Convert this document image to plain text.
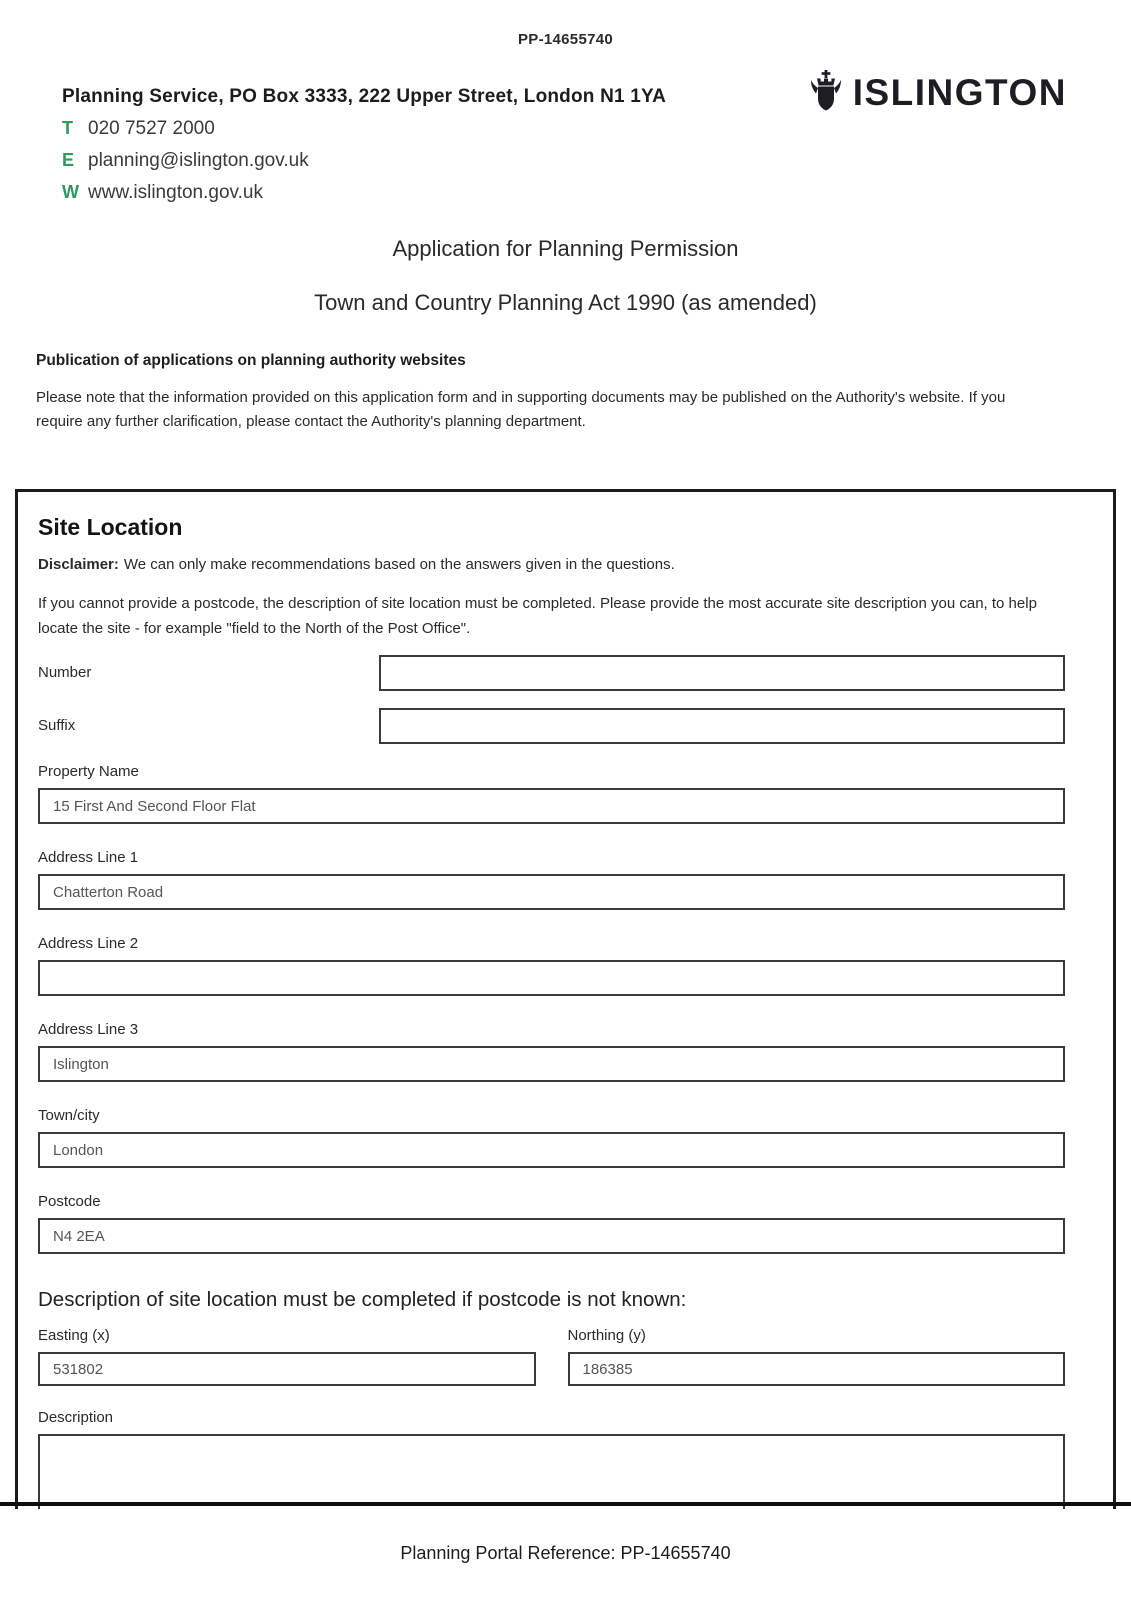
PP-14655740
Planning Service, PO Box 3333, 222 Upper Street, London N1 1YA
T 020 7527 2000
E planning@islington.gov.uk
W www.islington.gov.uk
ISLINGTON
Application for Planning Permission
Town and Country Planning Act 1990 (as amended)
Publication of applications on planning authority websites

Please note that the information provided on this application form and in supporting documents may be published on the Authority's website. If you require any further clarification, please contact the Authority's planning department.

Site Location

Disclaimer: We can only make recommendations based on the answers given in the questions.

If you cannot provide a postcode, the description of site location must be completed. Please provide the most accurate site description you can, to help locate the site - for example "field to the North of the Post Office".

Number
Suffix
Property Name
15 First And Second Floor Flat
Address Line 1
Chatterton Road
Address Line 2
Address Line 3
Islington
Town/city
London
Postcode
N4 2EA
Description of site location must be completed if postcode is not known:
Easting (x)
531802	Northing (y)
186385
Description
Planning Portal Reference: PP-14655740
